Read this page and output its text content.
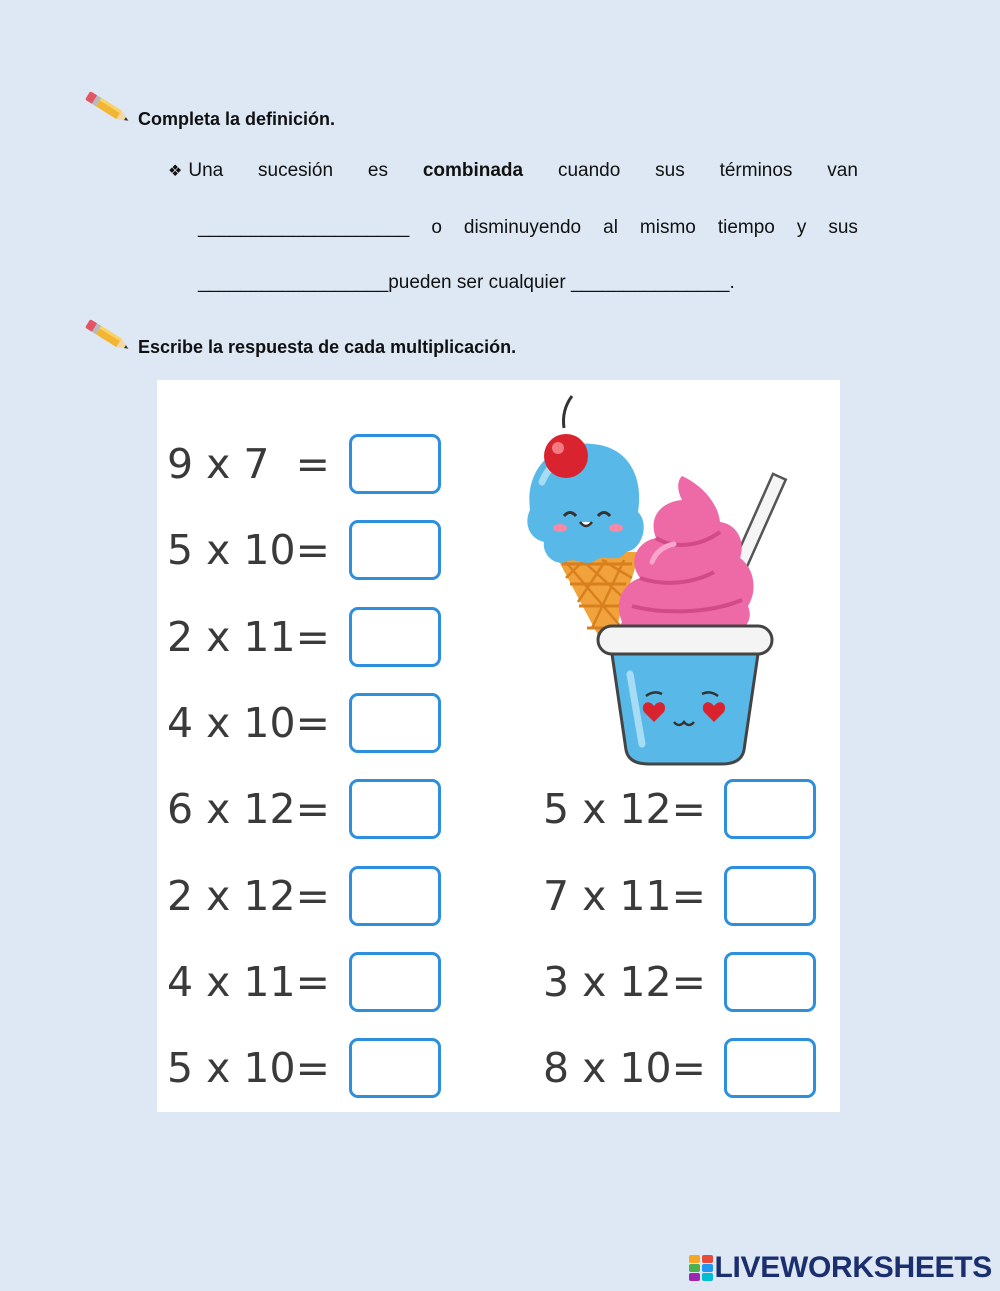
Completa la definición.
❖ Una sucesión es combinada cuando sus términos van
____________________ o disminuyendo al mismo tiempo y sus
__________________pueden ser cualquier _______________.
Escribe la respuesta de cada multiplicación.
9 x 7  =
5 x 10=
2 x 11=
4 x 10=
6 x 12=
2 x 12=
4 x 11=
5 x 10=
5 x 12=
7 x 11=
3 x 12=
8 x 10=
LIVEWORKSHEETS
